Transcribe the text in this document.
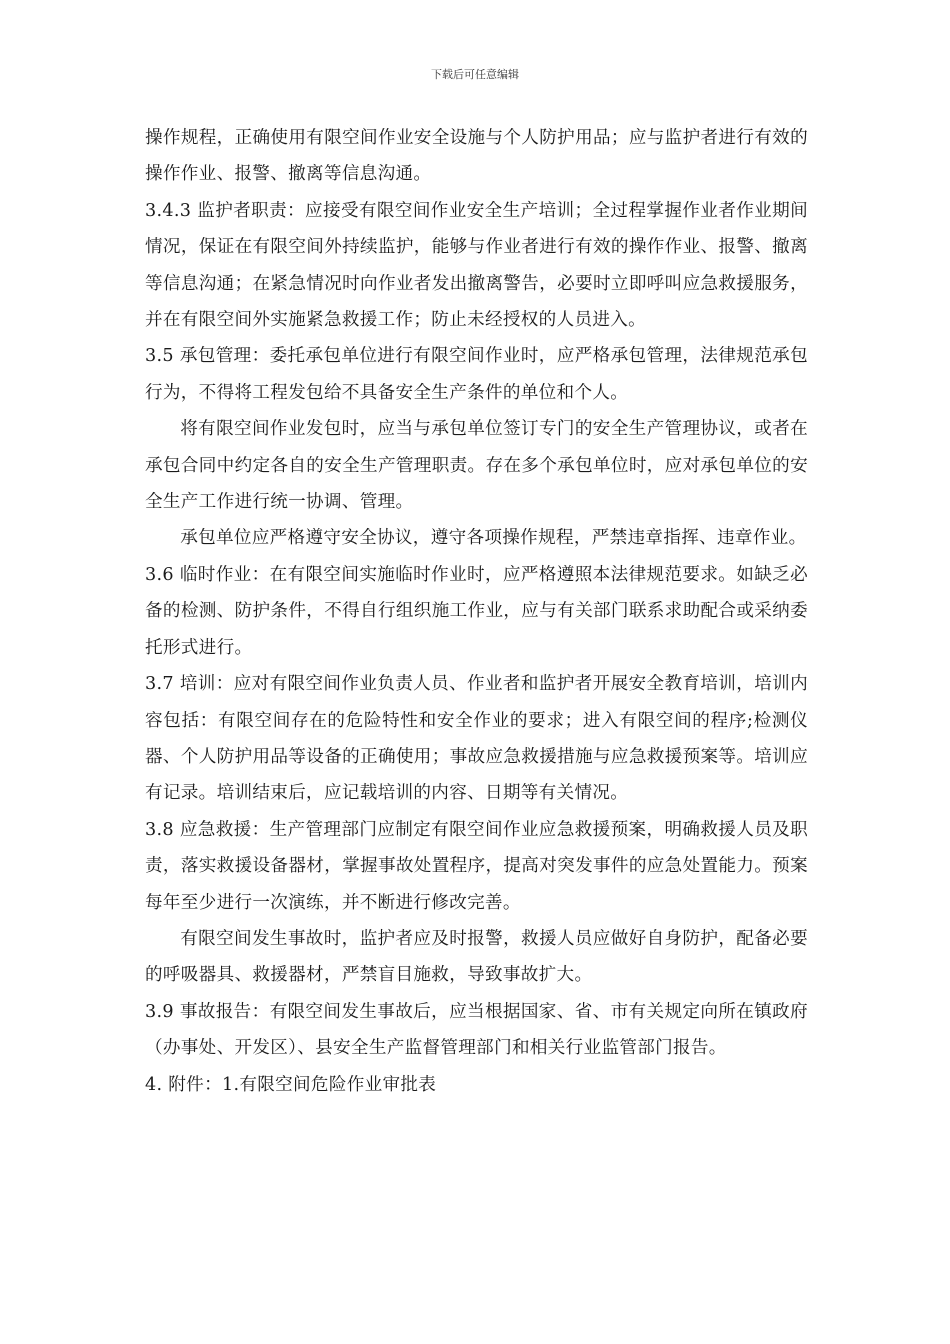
下载后可任意编辑

操作规程，正确使用有限空间作业安全设施与个人防护用品；应与监护者进行有效的操作作业、报警、撤离等信息沟通。

3.4.3 监护者职责：应接受有限空间作业安全生产培训；全过程掌握作业者作业期间情况，保证在有限空间外持续监护，能够与作业者进行有效的操作作业、报警、撤离等信息沟通；在紧急情况时向作业者发出撤离警告，必要时立即呼叫应急救援服务，并在有限空间外实施紧急救援工作；防止未经授权的人员进入。

3.5 承包管理：委托承包单位进行有限空间作业时，应严格承包管理，法律规范承包行为，不得将工程发包给不具备安全生产条件的单位和个人。

将有限空间作业发包时，应当与承包单位签订专门的安全生产管理协议，或者在承包合同中约定各自的安全生产管理职责。存在多个承包单位时，应对承包单位的安全生产工作进行统一协调、管理。

承包单位应严格遵守安全协议，遵守各项操作规程，严禁违章指挥、违章作业。

3.6 临时作业：在有限空间实施临时作业时，应严格遵照本法律规范要求。如缺乏必备的检测、防护条件，不得自行组织施工作业，应与有关部门联系求助配合或采纳委托形式进行。

3.7 培训：应对有限空间作业负责人员、作业者和监护者开展安全教育培训，培训内容包括：有限空间存在的危险特性和安全作业的要求；进入有限空间的程序;检测仪器、个人防护用品等设备的正确使用；事故应急救援措施与应急救援预案等。培训应有记录。培训结束后，应记载培训的内容、日期等有关情况。

3.8 应急救援：生产管理部门应制定有限空间作业应急救援预案，明确救援人员及职责，落实救援设备器材，掌握事故处置程序，提高对突发事件的应急处置能力。预案每年至少进行一次演练，并不断进行修改完善。

有限空间发生事故时，监护者应及时报警，救援人员应做好自身防护，配备必要的呼吸器具、救援器材，严禁盲目施救，导致事故扩大。

3.9 事故报告：有限空间发生事故后，应当根据国家、省、市有关规定向所在镇政府（办事处、开发区）、县安全生产监督管理部门和相关行业监管部门报告。

4. 附件：1.有限空间危险作业审批表
